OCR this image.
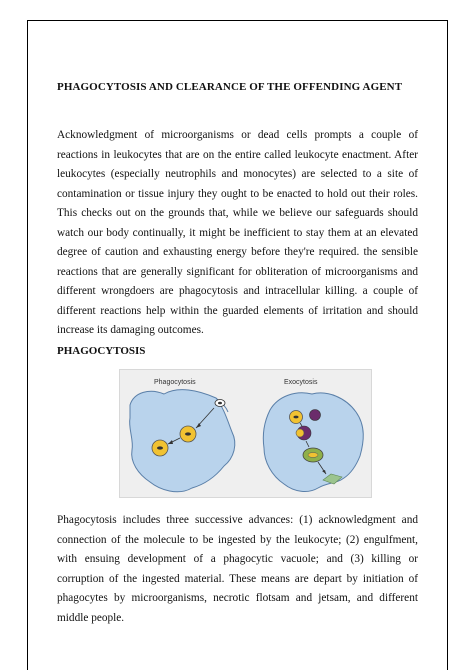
PHAGOCYTOSIS AND CLEARANCE OF THE OFFENDING AGENT
Acknowledgment of microorganisms or dead cells prompts a couple of reactions in leukocytes that are on the entire called leukocyte enactment. After leukocytes (especially neutrophils and monocytes) are selected to a site of contamination or tissue injury they ought to be enacted to hold out their roles. This checks out on the grounds that, while we believe our safeguards should watch our body continually, it might be inefficient to stay them at an elevated degree of caution and exhausting energy before they're required. the sensible reactions that are generally significant for obliteration of microorganisms and different wrongdoers are phagocytosis and intracellular killing. a couple of different reactions help within the guarded elements of irritation and should increase its damaging outcomes.
PHAGOCYTOSIS
Phagocytosis	Exocytosis
Phagocytosis includes three successive advances: (1) acknowledgment and connection of the molecule to be ingested by the leukocyte; (2) engulfment, with ensuing development of a phagocytic vacuole; and (3) killing or corruption of the ingested material. These means are depart by initiation of phagocytes by microorganisms, necrotic flotsam and jetsam, and different middle people.
